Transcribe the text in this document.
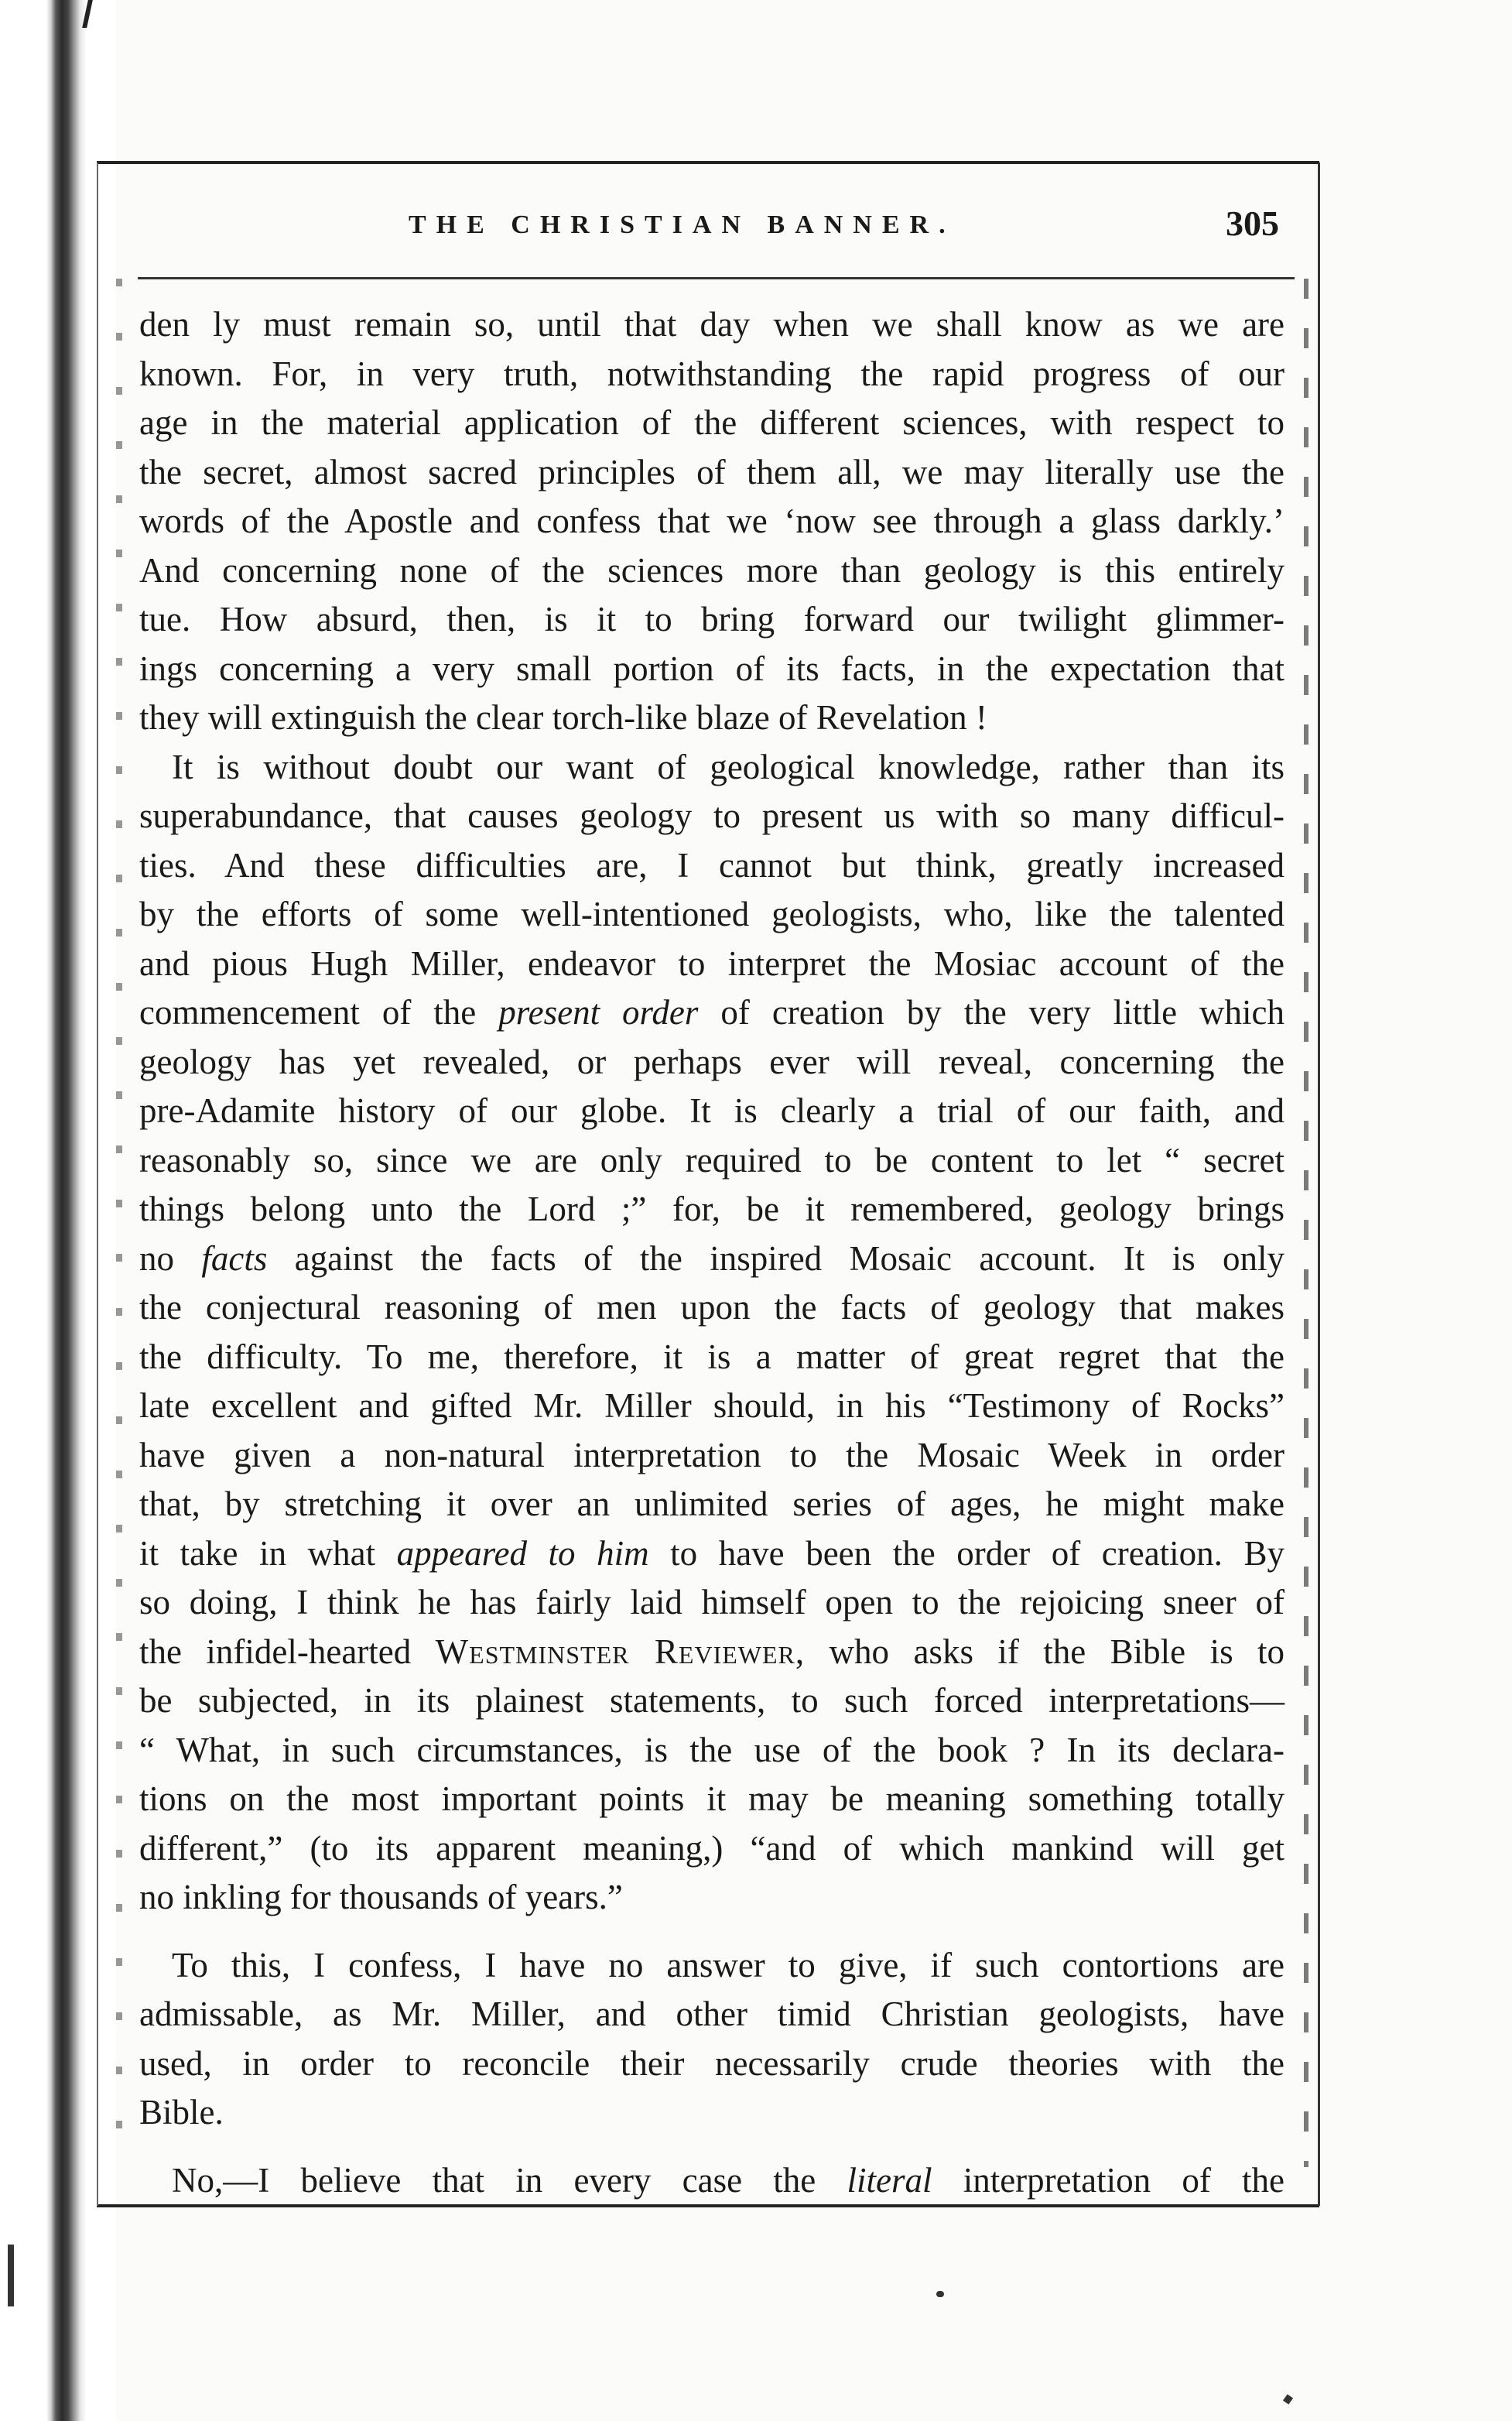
THE CHRISTIAN BANNER.	305
den ly must remain so, until that day when we shall know as we are
known. For, in very truth, notwithstanding the rapid progress of our
age in the material application of the different sciences, with respect to
the secret, almost sacred principles of them all, we may literally use the
words of the Apostle and confess that we ‘now see through a glass darkly.’
And concerning none of the sciences more than geology is this entirely
tue. How absurd, then, is it to bring forward our twilight glimmer-
ings concerning a very small portion of its facts, in the expectation that
they will extinguish the clear torch-like blaze of Revelation !
It is without doubt our want of geological knowledge, rather than its
superabundance, that causes geology to present us with so many difficul-
ties. And these difficulties are, I cannot but think, greatly increased
by the efforts of some well-intentioned geologists, who, like the talented
and pious Hugh Miller, endeavor to interpret the Mosiac account of the
commencement of the present order of creation by the very little which
geology has yet revealed, or perhaps ever will reveal, concerning the
pre-Adamite history of our globe. It is clearly a trial of our faith, and
reasonably so, since we are only required to be content to let “ secret
things belong unto the Lord ;” for, be it remembered, geology brings
no facts against the facts of the inspired Mosaic account. It is only
the conjectural reasoning of men upon the facts of geology that makes
the difficulty. To me, therefore, it is a matter of great regret that the
late excellent and gifted Mr. Miller should, in his “Testimony of Rocks”
have given a non-natural interpretation to the Mosaic Week in order
that, by stretching it over an unlimited series of ages, he might make
it take in what appeared to him to have been the order of creation. By
so doing, I think he has fairly laid himself open to the rejoicing sneer of
the infidel-hearted Westminster Reviewer, who asks if the Bible is to
be subjected, in its plainest statements, to such forced interpretations—
“ What, in such circumstances, is the use of the book ? In its declara-
tions on the most important points it may be meaning something totally
different,” (to its apparent meaning,) “and of which mankind will get
no inkling for thousands of years.”
To this, I confess, I have no answer to give, if such contortions are
admissable, as Mr. Miller, and other timid Christian geologists, have
used, in order to reconcile their necessarily crude theories with the
Bible.
No,—I believe that in every case the literal interpretation of the
